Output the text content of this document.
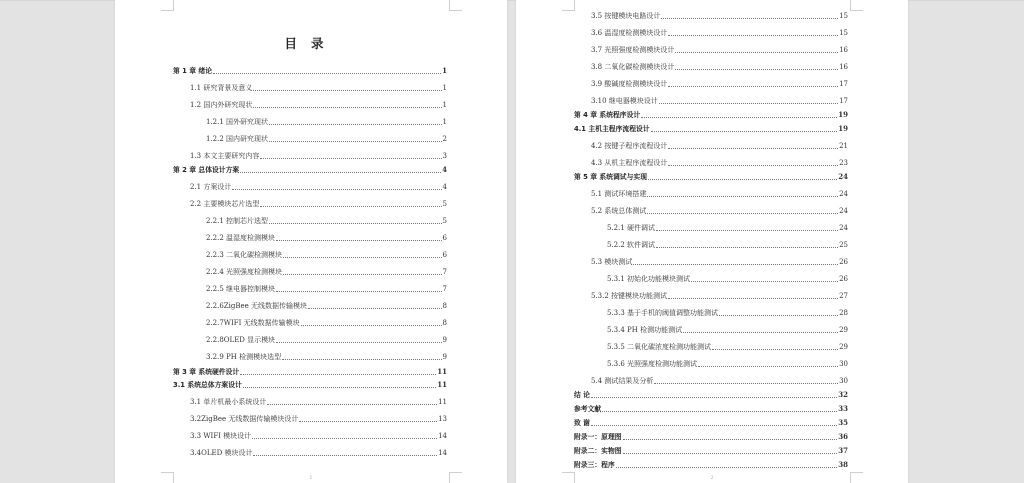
目录
第 1 章 绪论	1
1.1 研究背景及意义	1
1.2 国内外研究现状	1
1.2.1 国外研究现状	1
1.2.2 国内研究现状	2
1.3 本文主要研究内容	3
第 2 章 总体设计方案	4
2.1 方案设计	4
2.2 主要模块芯片选型	5
2.2.1 控制芯片选型	5
2.2.2 温湿度检测模块	6
2.2.3 二氧化碳检测模块	6
2.2.4 光照强度检测模块	7
2.2.5 继电器控制模块	7
2.2.6ZigBee 无线数据传输模块	8
2.2.7WIFI 无线数据传输模块	8
2.2.8OLED 显示模块	9
3.2.9 PH 检测模块选型	9
第 3 章 系统硬件设计	11
3.1 系统总体方案设计	11
3.1 单片机最小系统设计	11
3.2ZigBee 无线数据传输模块设计	13
3.3 WIFI 模块设计	14
3.4OLED 模块设计	14
1
3.5 按键模块电路设计	15
3.6 温湿度检测模块设计	15
3.7 光照强度检测模块设计	16
3.8 二氧化碳检测模块设计	16
3.9 酸碱度检测模块设计	17
3.10 继电器模块设计	17
第 4 章 系统程序设计	19
4.1 主机主程序流程设计	19
4.2 按键子程序流程设计	21
4.3 从机主程序流程设计	23
第 5 章 系统调试与实现	24
5.1 测试环境搭建	24
5.2 系统总体测试	24
5.2.1 硬件调试	24
5.2.2 软件调试	25
5.3 模块测试	26
5.3.1 初始化功能模块测试	26
5.3.2 按键模块功能测试	27
5.3.3 基于手机的阈值调整功能测试	28
5.3.4 PH 检测功能测试	29
5.3.5 二氧化碳浓度检测功能测试	29
5.3.6 光照强度检测功能测试	30
5.4 测试结果及分析	30
结 论	32
参考文献	33
致 谢	35
附录一：原理图	36
附录二：实物图	37
附录三：程序	38
2
